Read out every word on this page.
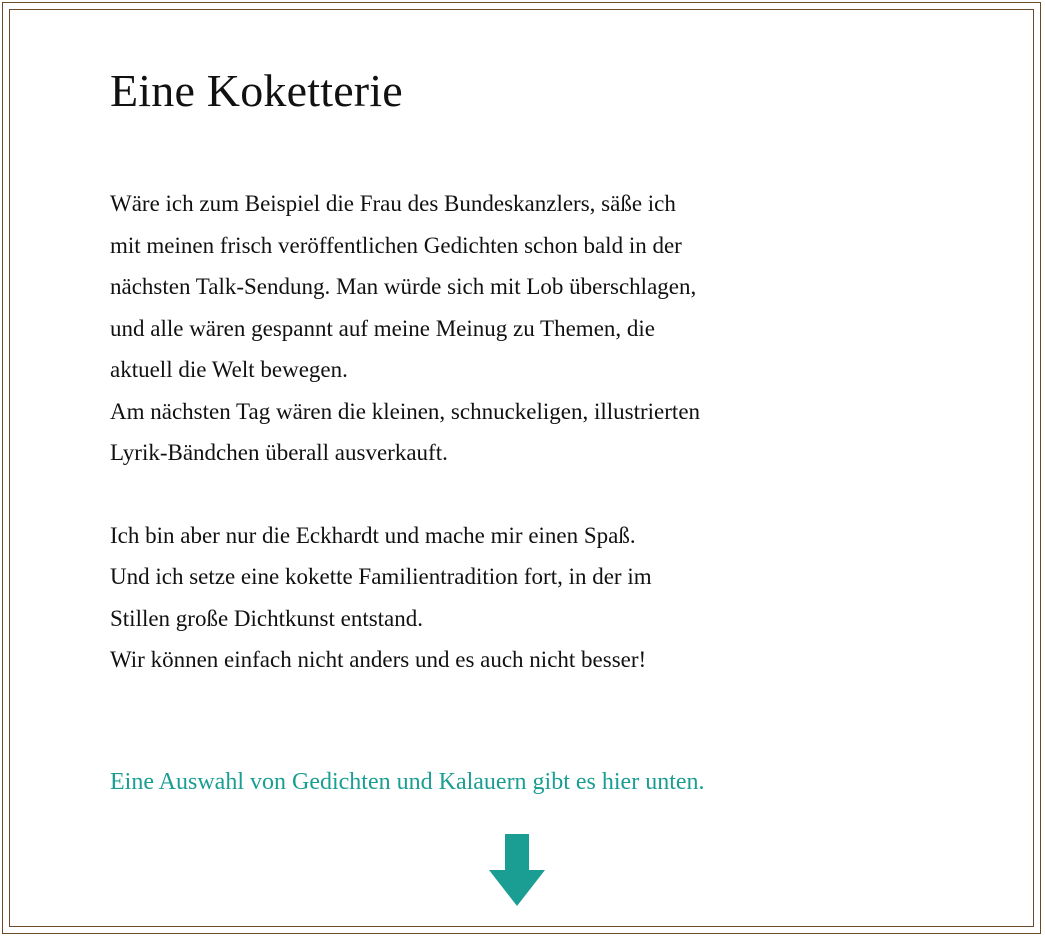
Eine Koketterie

Wäre ich zum Beispiel die Frau des Bundeskanzlers, säße ich
mit meinen frisch veröffentlichen Gedichten schon bald in der
nächsten Talk-Sendung. Man würde sich mit Lob überschlagen,
und alle wären gespannt auf meine Meinug zu Themen, die
aktuell die Welt bewegen.
Am nächsten Tag wären die kleinen, schnuckeligen, illustrierten
Lyrik-Bändchen überall ausverkauft.

Ich bin aber nur die Eckhardt und mache mir einen Spaß.
Und ich setze eine kokette Familientradition fort, in der im
Stillen große Dichtkunst entstand.
Wir können einfach nicht anders und es auch nicht besser!

Eine Auswahl von Gedichten und Kalauern gibt es hier unten.
